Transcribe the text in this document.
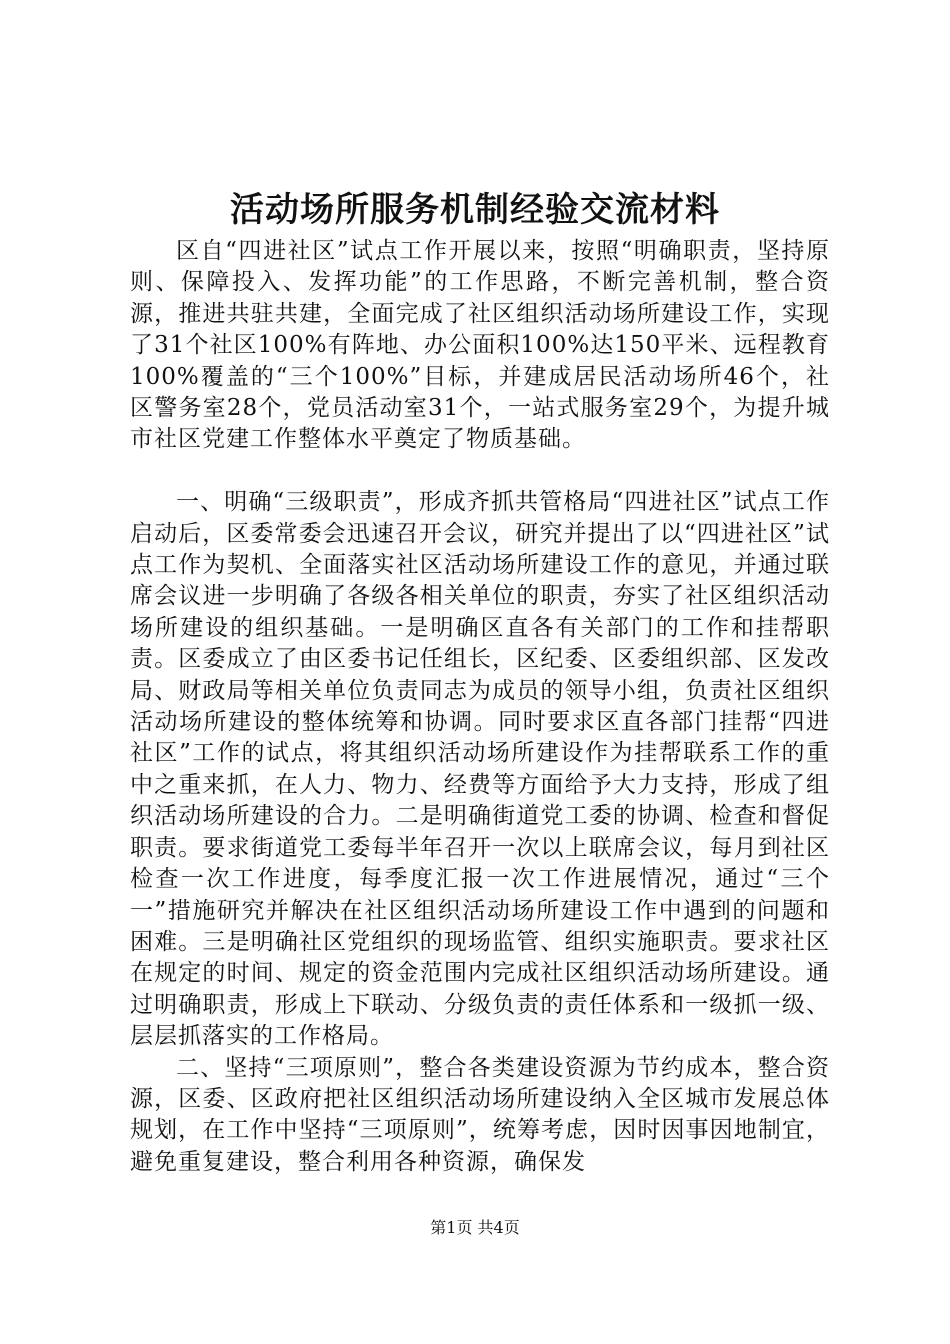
活动场所服务机制经验交流材料

区自“四进社区”试点工作开展以来，按照“明确职责，坚持原则、保障投入、发挥功能”的工作思路，不断完善机制，整合资源，推进共驻共建，全面完成了社区组织活动场所建设工作，实现了31个社区100%有阵地、办公面积100%达150平米、远程教育100%覆盖的“三个100%”目标，并建成居民活动场所46个，社区警务室28个，党员活动室31个，一站式服务室29个，为提升城市社区党建工作整体水平奠定了物质基础。

一、明确“三级职责”，形成齐抓共管格局“四进社区”试点工作启动后，区委常委会迅速召开会议，研究并提出了以“四进社区”试点工作为契机、全面落实社区活动场所建设工作的意见，并通过联席会议进一步明确了各级各相关单位的职责，夯实了社区组织活动场所建设的组织基础。一是明确区直各有关部门的工作和挂帮职责。区委成立了由区委书记任组长，区纪委、区委组织部、区发改局、财政局等相关单位负责同志为成员的领导小组，负责社区组织活动场所建设的整体统筹和协调。同时要求区直各部门挂帮“四进社区”工作的试点，将其组织活动场所建设作为挂帮联系工作的重中之重来抓，在人力、物力、经费等方面给予大力支持，形成了组织活动场所建设的合力。二是明确街道党工委的协调、检查和督促职责。要求街道党工委每半年召开一次以上联席会议，每月到社区检查一次工作进度，每季度汇报一次工作进展情况，通过“三个一”措施研究并解决在社区组织活动场所建设工作中遇到的问题和困难。三是明确社区党组织的现场监管、组织实施职责。要求社区在规定的时间、规定的资金范围内完成社区组织活动场所建设。通过明确职责，形成上下联动、分级负责的责任体系和一级抓一级、层层抓落实的工作格局。

二、坚持“三项原则”，整合各类建设资源为节约成本，整合资源，区委、区政府把社区组织活动场所建设纳入全区城市发展总体规划，在工作中坚持“三项原则”，统筹考虑，因时因事因地制宜，避免重复建设，整合利用各种资源，确保发

第1页 共4页
